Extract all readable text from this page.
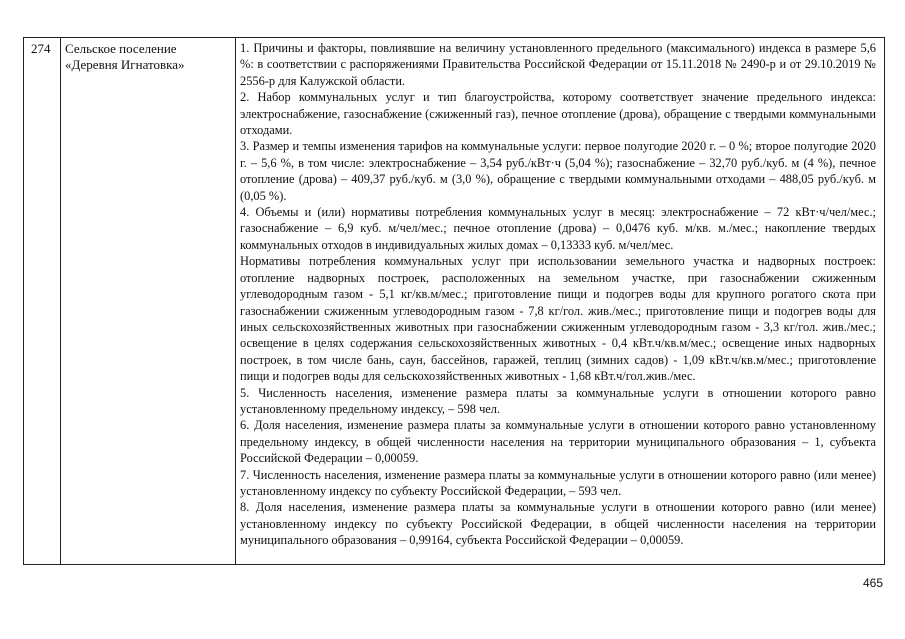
274	Сельское поселение
«Деревня Игнатовка»

1. Причины и факторы, повлиявшие на величину установленного предельного (максимального) индекса в размере 5,6 %: в соответствии с распоряжениями Правительства Российской Федерации от 15.11.2018 № 2490-р и от 29.10.2019 № 2556-р для Калужской области.

2. Набор коммунальных услуг и тип благоустройства, которому соответствует значение предельного индекса: электроснабжение, газоснабжение (сжиженный газ), печное отопление (дрова), обращение с твердыми коммунальными отходами.

3. Размер и темпы изменения тарифов на коммунальные услуги: первое полугодие 2020 г. – 0 %; второе полугодие 2020 г. – 5,6 %, в том числе: электроснабжение – 3,54 руб./кВт·ч (5,04 %); газоснабжение – 32,70 руб./куб. м (4 %), печное отопление (дрова) – 409,37 руб./куб. м (3,0 %), обращение с твердыми коммунальными отходами – 488,05 руб./куб. м (0,05 %).

4. Объемы и (или) нормативы потребления коммунальных услуг в месяц: электроснабжение – 72 кВт·ч/чел/мес.; газоснабжение – 6,9 куб. м/чел/мес.; печное отопление (дрова) – 0,0476 куб. м/кв. м./мес.; накопление твердых коммунальных отходов в индивидуальных жилых домах – 0,13333 куб. м/чел/мес.

Нормативы потребления коммунальных услуг при использовании земельного участка и надворных построек: отопление надворных построек, расположенных на земельном участке, при газоснабжении сжиженным углеводородным газом - 5,1 кг/кв.м/мес.; приготовление пищи и подогрев воды для крупного рогатого скота при газоснабжении сжиженным углеводородным газом - 7,8 кг/гол. жив./мес.; приготовление пищи и подогрев воды для иных сельскохозяйственных животных при газоснабжении сжиженным углеводородным газом - 3,3 кг/гол. жив./мес.; освещение в целях содержания сельскохозяйственных животных - 0,4 кВт.ч/кв.м/мес.; освещение иных надворных построек, в том числе бань, саун, бассейнов, гаражей, теплиц (зимних садов) - 1,09 кВт.ч/кв.м/мес.; приготовление пищи и подогрев воды для сельскохозяйственных животных - 1,68 кВт.ч/гол.жив./мес.

5. Численность населения, изменение размера платы за коммунальные услуги в отношении которого равно установленному предельному индексу, – 598 чел.

6. Доля населения, изменение размера платы за коммунальные услуги в отношении которого равно установленному предельному индексу, в общей численности населения на территории муниципального образования – 1, субъекта Российской Федерации – 0,00059.

7. Численность населения, изменение размера платы за коммунальные услуги в отношении которого равно (или менее) установленному индексу по субъекту Российской Федерации, – 593 чел.

8. Доля населения, изменение размера платы за коммунальные услуги в отношении которого равно (или менее) установленному индексу по субъекту Российской Федерации, в общей численности населения на территории муниципального образования – 0,99164, субъекта Российской Федерации – 0,00059.

465
